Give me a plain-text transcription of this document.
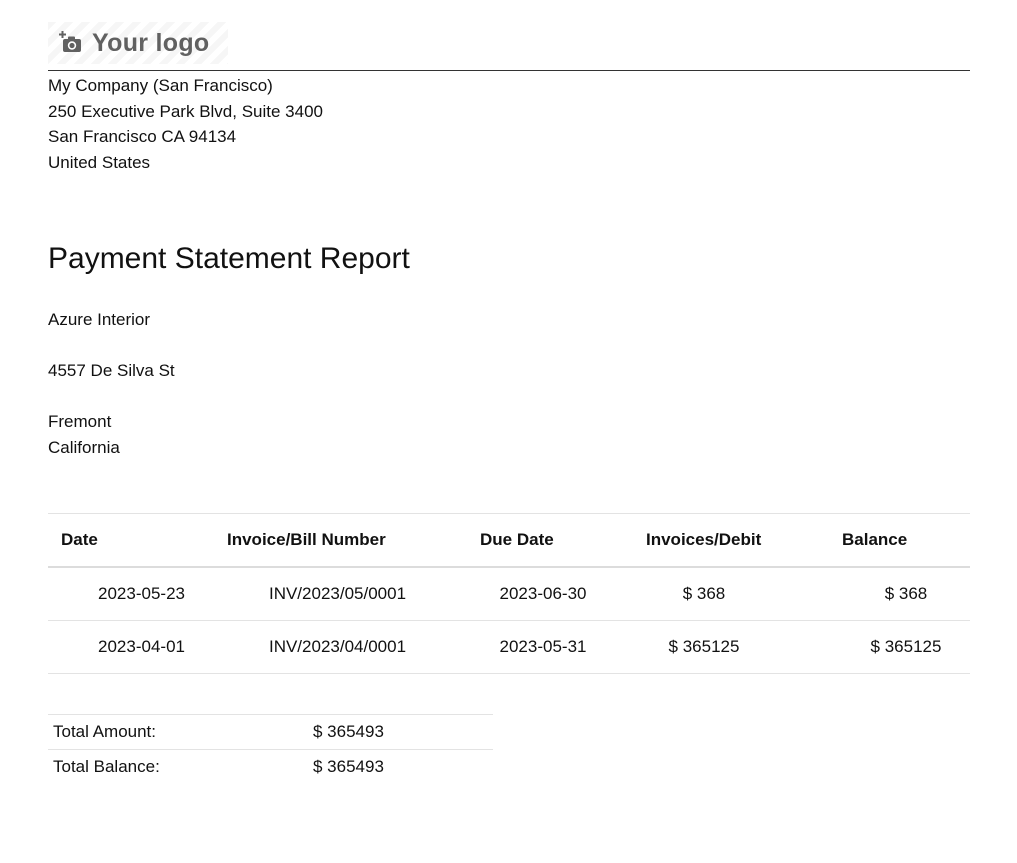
Your logo
My Company (San Francisco)
250 Executive Park Blvd, Suite 3400
San Francisco CA 94134
United States
Payment Statement Report
Azure Interior
4557 De Silva St
Fremont
California
Date	Invoice/Bill Number	Due Date	Invoices/Debit	Balance
2023-05-23	INV/2023/05/0001	2023-06-30	$ 368	$ 368
2023-04-01	INV/2023/04/0001	2023-05-31	$ 365125	$ 365125
Total Amount:	$ 365493
Total Balance:	$ 365493
